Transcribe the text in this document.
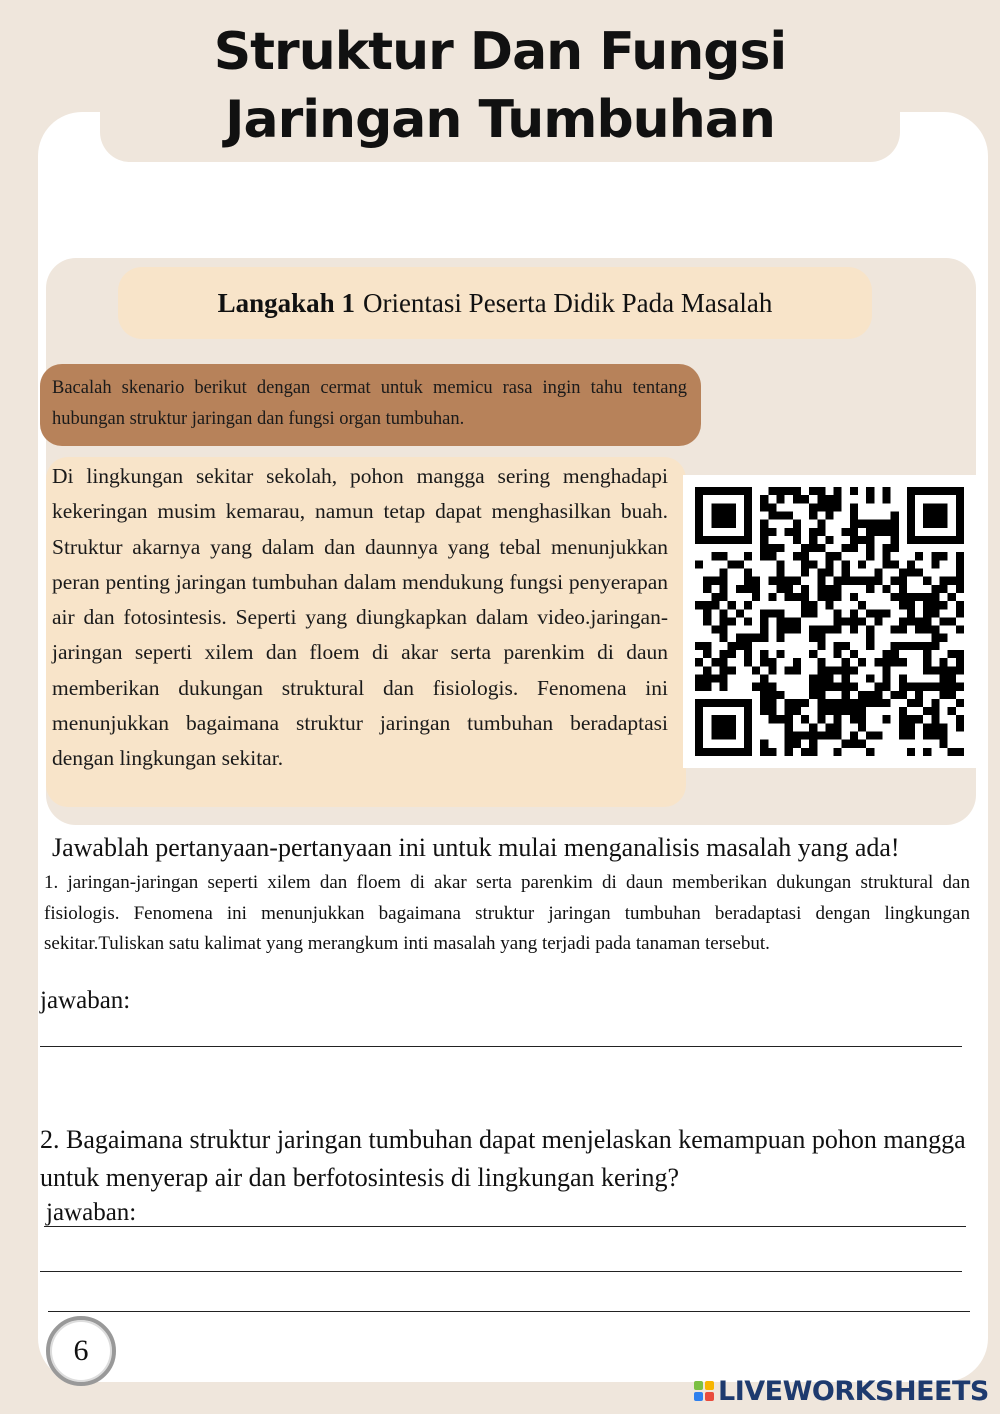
Struktur Dan Fungsi
Jaringan Tumbuhan
Langakah 1 Orientasi Peserta Didik Pada Masalah
Bacalah skenario berikut dengan cermat untuk memicu rasa ingin tahu tentang hubungan struktur jaringan dan fungsi organ tumbuhan.
Di lingkungan sekitar sekolah, pohon mangga sering menghadapi kekeringan musim kemarau, namun tetap dapat menghasilkan buah. Struktur akarnya yang dalam dan daunnya yang tebal menunjukkan peran penting jaringan tumbuhan dalam mendukung fungsi penyerapan air dan fotosintesis. Seperti yang diungkapkan dalam video.jaringan-jaringan seperti xilem dan floem di akar serta parenkim di daun memberikan dukungan struktural dan fisiologis. Fenomena ini menunjukkan bagaimana struktur jaringan tumbuhan beradaptasi dengan lingkungan sekitar.
Jawablah pertanyaan-pertanyaan ini untuk mulai menganalisis masalah yang ada!
1. jaringan-jaringan seperti xilem dan floem di akar serta parenkim di daun memberikan dukungan struktural dan fisiologis. Fenomena ini menunjukkan bagaimana struktur jaringan tumbuhan beradaptasi dengan lingkungan sekitar.Tuliskan satu kalimat yang merangkum inti masalah yang terjadi pada tanaman tersebut.
jawaban:
2. Bagaimana struktur jaringan tumbuhan dapat menjelaskan kemampuan pohon mangga untuk menyerap air dan berfotosintesis di lingkungan kering?
jawaban:
6
LIVEWORKSHEETS
